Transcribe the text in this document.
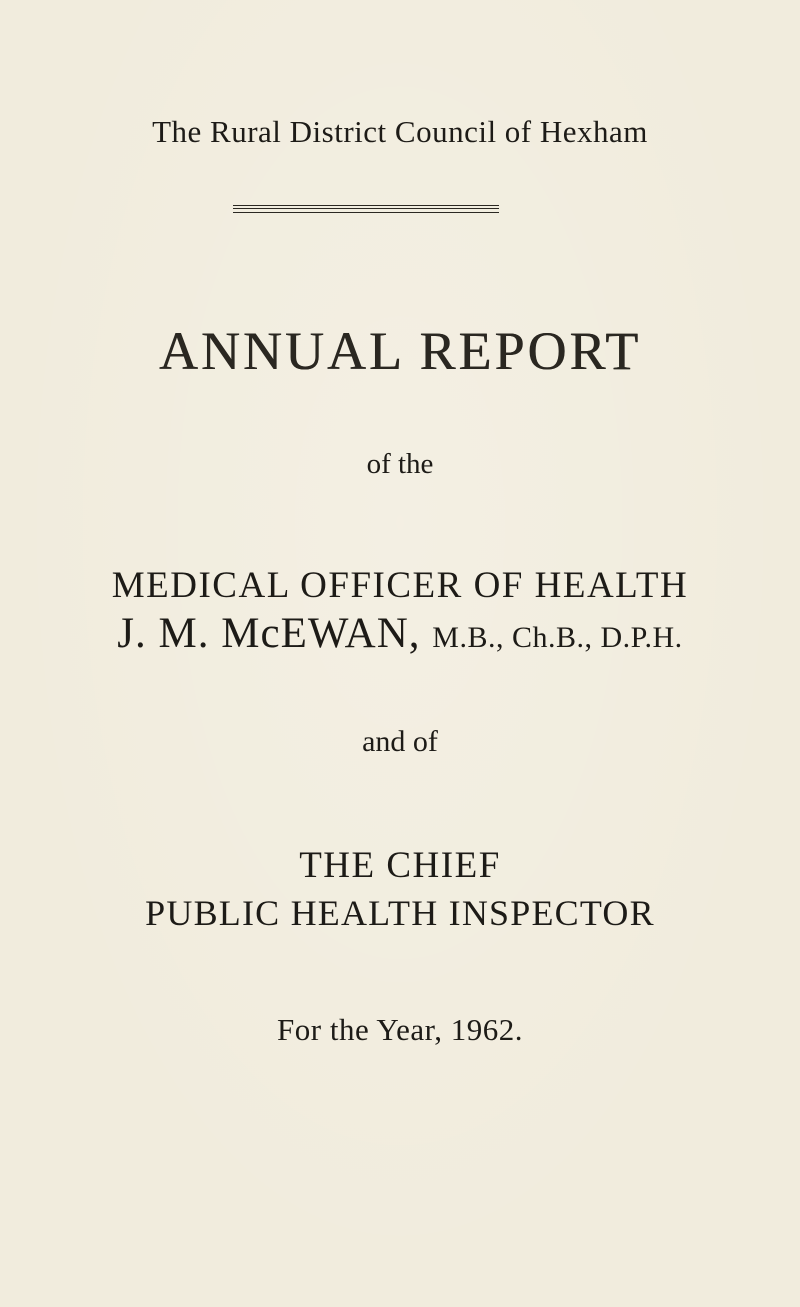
The Rural District Council of Hexham
ANNUAL REPORT
of the
MEDICAL OFFICER OF HEALTH
J. M. McEWAN, M.B., Ch.B., D.P.H.
and of
THE CHIEF
PUBLIC HEALTH INSPECTOR
For the Year, 1962.
